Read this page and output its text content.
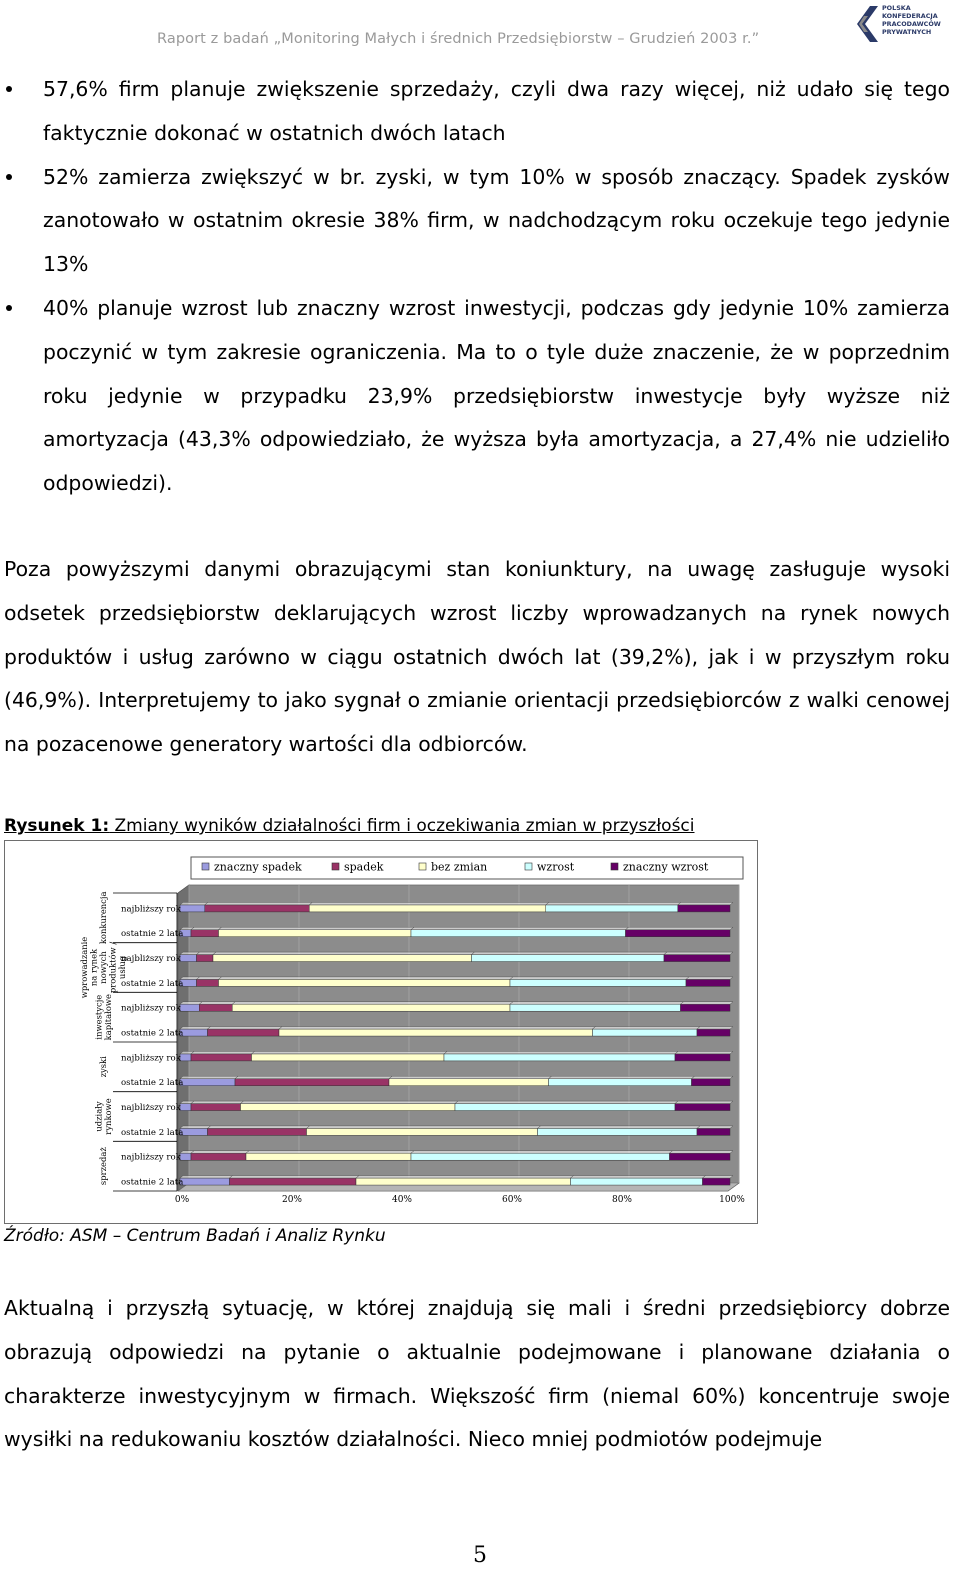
Raport z badań „Monitoring Małych i średnich Przedsiębiorstw – Grudzień 2003 r.”
POLSKA
KONFEDERACJA
PRACODAWCÓW
PRYWATNYCH

57,6% firm planuje zwiększenie sprzedaży, czyli dwa razy więcej, niż udało się tego faktycznie dokonać w ostatnich dwóch latach

52% zamierza zwiększyć w br. zyski, w tym 10% w sposób znaczący. Spadek zysków zanotowało w ostatnim okresie 38% firm, w nadchodzącym roku oczekuje tego jedynie 13%

40% planuje wzrost lub znaczny wzrost inwestycji, podczas gdy jedynie 10% zamierza poczynić w tym zakresie ograniczenia. Ma to o tyle duże znaczenie, że w poprzednim roku jedynie w przypadku 23,9% przedsiębiorstw inwestycje były wyższe niż amortyzacja (43,3% odpowiedziało, że wyższa była amortyzacja, a 27,4% nie udzieliło odpowiedzi).

Poza powyższymi danymi obrazującymi stan koniunktury, na uwagę zasługuje wysoki odsetek przedsiębiorstw deklarujących wzrost liczby wprowadzanych na rynek nowych produktów i usług zarówno w ciągu ostatnich dwóch lat (39,2%), jak i w przyszłym roku (46,9%). Interpretujemy to jako sygnał o zmianie orientacji przedsiębiorców z walki cenowej na pozacenowe generatory wartości dla odbiorców.

Rysunek 1: Zmiany wyników działalności firm i oczekiwania zmian w przyszłości
znaczny spadek	spadek	bez zmian	wzrost	znaczny wzrost
0%	20%	40%	60%	80%	100%
najbliższy rok
ostatnie 2 lata
najbliższy rok
ostatnie 2 lata
najbliższy rok
ostatnie 2 lata
najbliższy rok
ostatnie 2 lata
najbliższy rok
ostatnie 2 lata
najbliższy rok
ostatnie 2 lata
konkurencja
wprowadzanie na rynek nowych produktów / usług
inwestycje kapitałowe
zyski
udziały rynkowe
sprzedaż
Źródło: ASM – Centrum Badań i Analiz Rynku

Aktualną i przyszłą sytuację, w której znajdują się mali i średni przedsiębiorcy dobrze obrazują odpowiedzi na pytanie o aktualnie podejmowane i planowane działania o charakterze inwestycyjnym w firmach. Większość firm (niemal 60%) koncentruje swoje wysiłki na redukowaniu kosztów działalności. Nieco mniej podmiotów podejmuje

5
